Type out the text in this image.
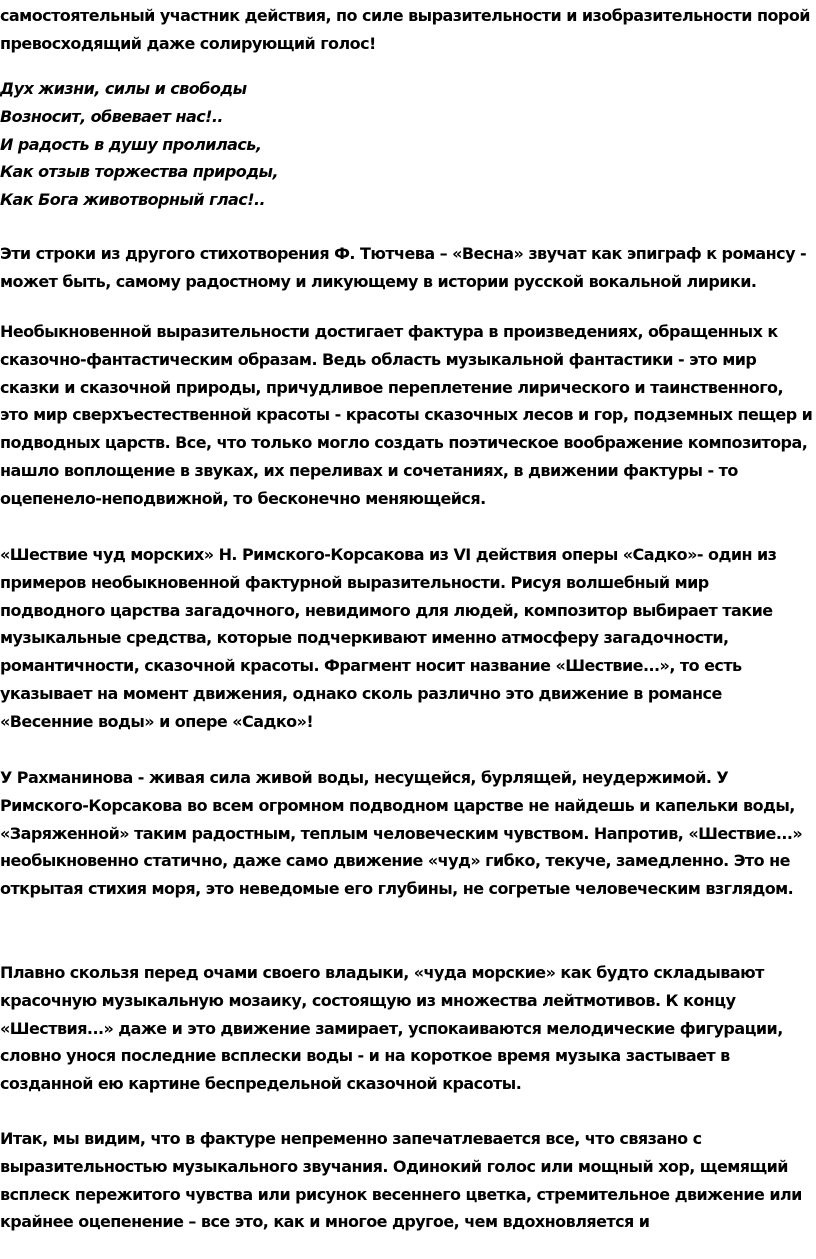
самостоятельный участник действия, по силе выразительности и изобразительности порой превосходящий даже солирующий голос!

Дух жизни, силы и свободы
Возносит, обвевает нас!..
И радость в душу пролилась,
Как отзыв торжества природы,
Как Бога животворный глас!..

Эти строки из другого стихотворения Ф. Тютчева – «Весна» звучат как эпиграф к романсу - может быть, самому радостному и ликующему в истории русской вокальной лирики.

Необыкновенной выразительности достигает фактура в произведениях, обращенных к сказочно-фантастическим образам. Ведь область музыкальной фантастики - это мир сказки и сказочной природы, причудливое переплетение лирического и таинственного, это мир сверхъестественной красоты - красоты сказочных лесов и гор, подземных пещер и подводных царств. Все, что только могло создать поэтическое воображение композитора, нашло воплощение в звуках, их переливах и сочетаниях, в движении фактуры - то оцепенело-неподвижной, то бесконечно меняющейся.

«Шествие чуд морских» Н. Римского-Корсакова из VI действия оперы «Садко»- один из примеров необыкновенной фактурной выразительности. Рисуя волшебный мир подводного царства загадочного, невидимого для людей, композитор выбирает такие музыкальные средства, которые подчеркивают именно атмосферу загадочности, романтичности, сказочной красоты. Фрагмент носит название «Шествие...», то есть указывает на момент движения, однако сколь различно это движение в романсе «Весенние воды» и опере «Садко»!

У Рахманинова - живая сила живой воды, несущейся, бурлящей, неудержимой. У Римского-Корсакова во всем огромном подводном царстве не найдешь и капельки воды, «Заряженной» таким радостным, теплым человеческим чувством. Напротив, «Шествие...» необыкновенно статично, даже само движение «чуд» гибко, текуче, замедленно. Это не открытая стихия моря, это неведомые его глубины, не согретые человеческим взглядом.

Плавно скользя перед очами своего владыки, «чуда морские» как будто складывают красочную музыкальную мозаику, состоящую из множества лейтмотивов. К концу «Шествия...» даже и это движение замирает, успокаиваются мелодические фигурации, словно унося последние всплески воды - и на короткое время музыка застывает в созданной ею картине беспредельной сказочной красоты.

Итак, мы видим, что в фактуре непременно запечатлевается все, что связано с выразительностью музыкального звучания. Одинокий голос или мощный хор, щемящий всплеск пережитого чувства или рисунок весеннего цветка, стремительное движение или крайнее оцепенение – все это, как и многое другое, чем вдохновляется и
